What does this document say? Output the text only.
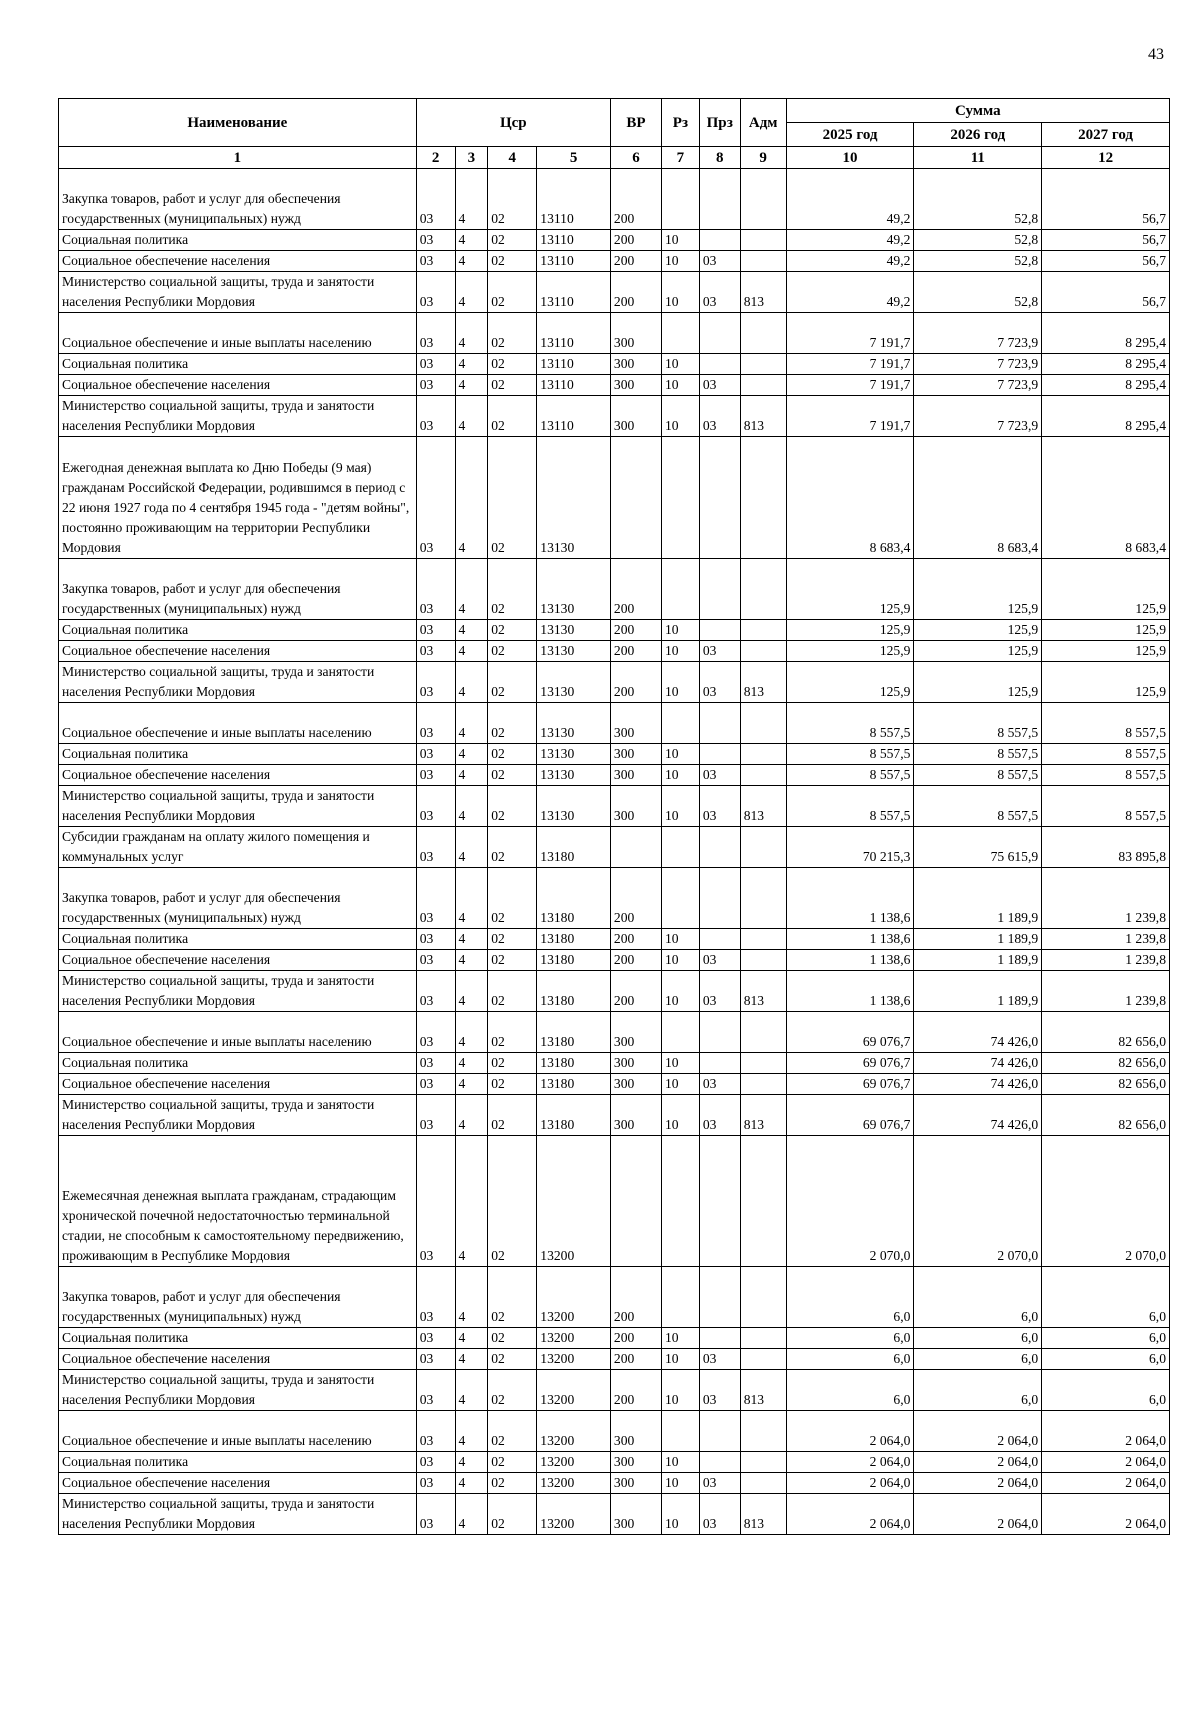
43
Наименование	Цср				ВР	Рз	Прз	Адм	Сумма		
									2025 год	2026 год	2027 год
1	2	3	4	5	6	7	8	9	10	11	12
Закупка товаров, работ и услуг для обеспечения государственных (муниципальных) нужд	03	4	02	13110	200				49,2	52,8	56,7
Социальная политика	03	4	02	13110	200	10			49,2	52,8	56,7
Социальное обеспечение населения	03	4	02	13110	200	10	03		49,2	52,8	56,7
Министерство социальной защиты, труда и занятости населения Республики Мордовия	03	4	02	13110	200	10	03	813	49,2	52,8	56,7
Социальное обеспечение и иные выплаты населению	03	4	02	13110	300				7 191,7	7 723,9	8 295,4
Социальная политика	03	4	02	13110	300	10			7 191,7	7 723,9	8 295,4
Социальное обеспечение населения	03	4	02	13110	300	10	03		7 191,7	7 723,9	8 295,4
Министерство социальной защиты, труда и занятости населения Республики Мордовия	03	4	02	13110	300	10	03	813	7 191,7	7 723,9	8 295,4
Ежегодная денежная выплата ко Дню Победы (9 мая) гражданам Российской Федерации, родившимся в период с 22 июня 1927 года по 4 сентября 1945 года - "детям войны", постоянно проживающим на территории Республики Мордовия	03	4	02	13130					8 683,4	8 683,4	8 683,4
Закупка товаров, работ и услуг для обеспечения государственных (муниципальных) нужд	03	4	02	13130	200				125,9	125,9	125,9
Социальная политика	03	4	02	13130	200	10			125,9	125,9	125,9
Социальное обеспечение населения	03	4	02	13130	200	10	03		125,9	125,9	125,9
Министерство социальной защиты, труда и занятости населения Республики Мордовия	03	4	02	13130	200	10	03	813	125,9	125,9	125,9
Социальное обеспечение и иные выплаты населению	03	4	02	13130	300				8 557,5	8 557,5	8 557,5
Социальная политика	03	4	02	13130	300	10			8 557,5	8 557,5	8 557,5
Социальное обеспечение населения	03	4	02	13130	300	10	03		8 557,5	8 557,5	8 557,5
Министерство социальной защиты, труда и занятости населения Республики Мордовия	03	4	02	13130	300	10	03	813	8 557,5	8 557,5	8 557,5
Субсидии гражданам на оплату жилого помещения и коммунальных услуг	03	4	02	13180					70 215,3	75 615,9	83 895,8
Закупка товаров, работ и услуг для обеспечения государственных (муниципальных) нужд	03	4	02	13180	200				1 138,6	1 189,9	1 239,8
Социальная политика	03	4	02	13180	200	10			1 138,6	1 189,9	1 239,8
Социальное обеспечение населения	03	4	02	13180	200	10	03		1 138,6	1 189,9	1 239,8
Министерство социальной защиты, труда и занятости населения Республики Мордовия	03	4	02	13180	200	10	03	813	1 138,6	1 189,9	1 239,8
Социальное обеспечение и иные выплаты населению	03	4	02	13180	300				69 076,7	74 426,0	82 656,0
Социальная политика	03	4	02	13180	300	10			69 076,7	74 426,0	82 656,0
Социальное обеспечение населения	03	4	02	13180	300	10	03		69 076,7	74 426,0	82 656,0
Министерство социальной защиты, труда и занятости населения Республики Мордовия	03	4	02	13180	300	10	03	813	69 076,7	74 426,0	82 656,0
Ежемесячная денежная выплата гражданам, страдающим хронической почечной недостаточностью терминальной стадии, не способным к самостоятельному передвижению, проживающим в Республике Мордовия	03	4	02	13200					2 070,0	2 070,0	2 070,0
Закупка товаров, работ и услуг для обеспечения государственных (муниципальных) нужд	03	4	02	13200	200				6,0	6,0	6,0
Социальная политика	03	4	02	13200	200	10			6,0	6,0	6,0
Социальное обеспечение населения	03	4	02	13200	200	10	03		6,0	6,0	6,0
Министерство социальной защиты, труда и занятости населения Республики Мордовия	03	4	02	13200	200	10	03	813	6,0	6,0	6,0
Социальное обеспечение и иные выплаты населению	03	4	02	13200	300				2 064,0	2 064,0	2 064,0
Социальная политика	03	4	02	13200	300	10			2 064,0	2 064,0	2 064,0
Социальное обеспечение населения	03	4	02	13200	300	10	03		2 064,0	2 064,0	2 064,0
Министерство социальной защиты, труда и занятости населения Республики Мордовия	03	4	02	13200	300	10	03	813	2 064,0	2 064,0	2 064,0
